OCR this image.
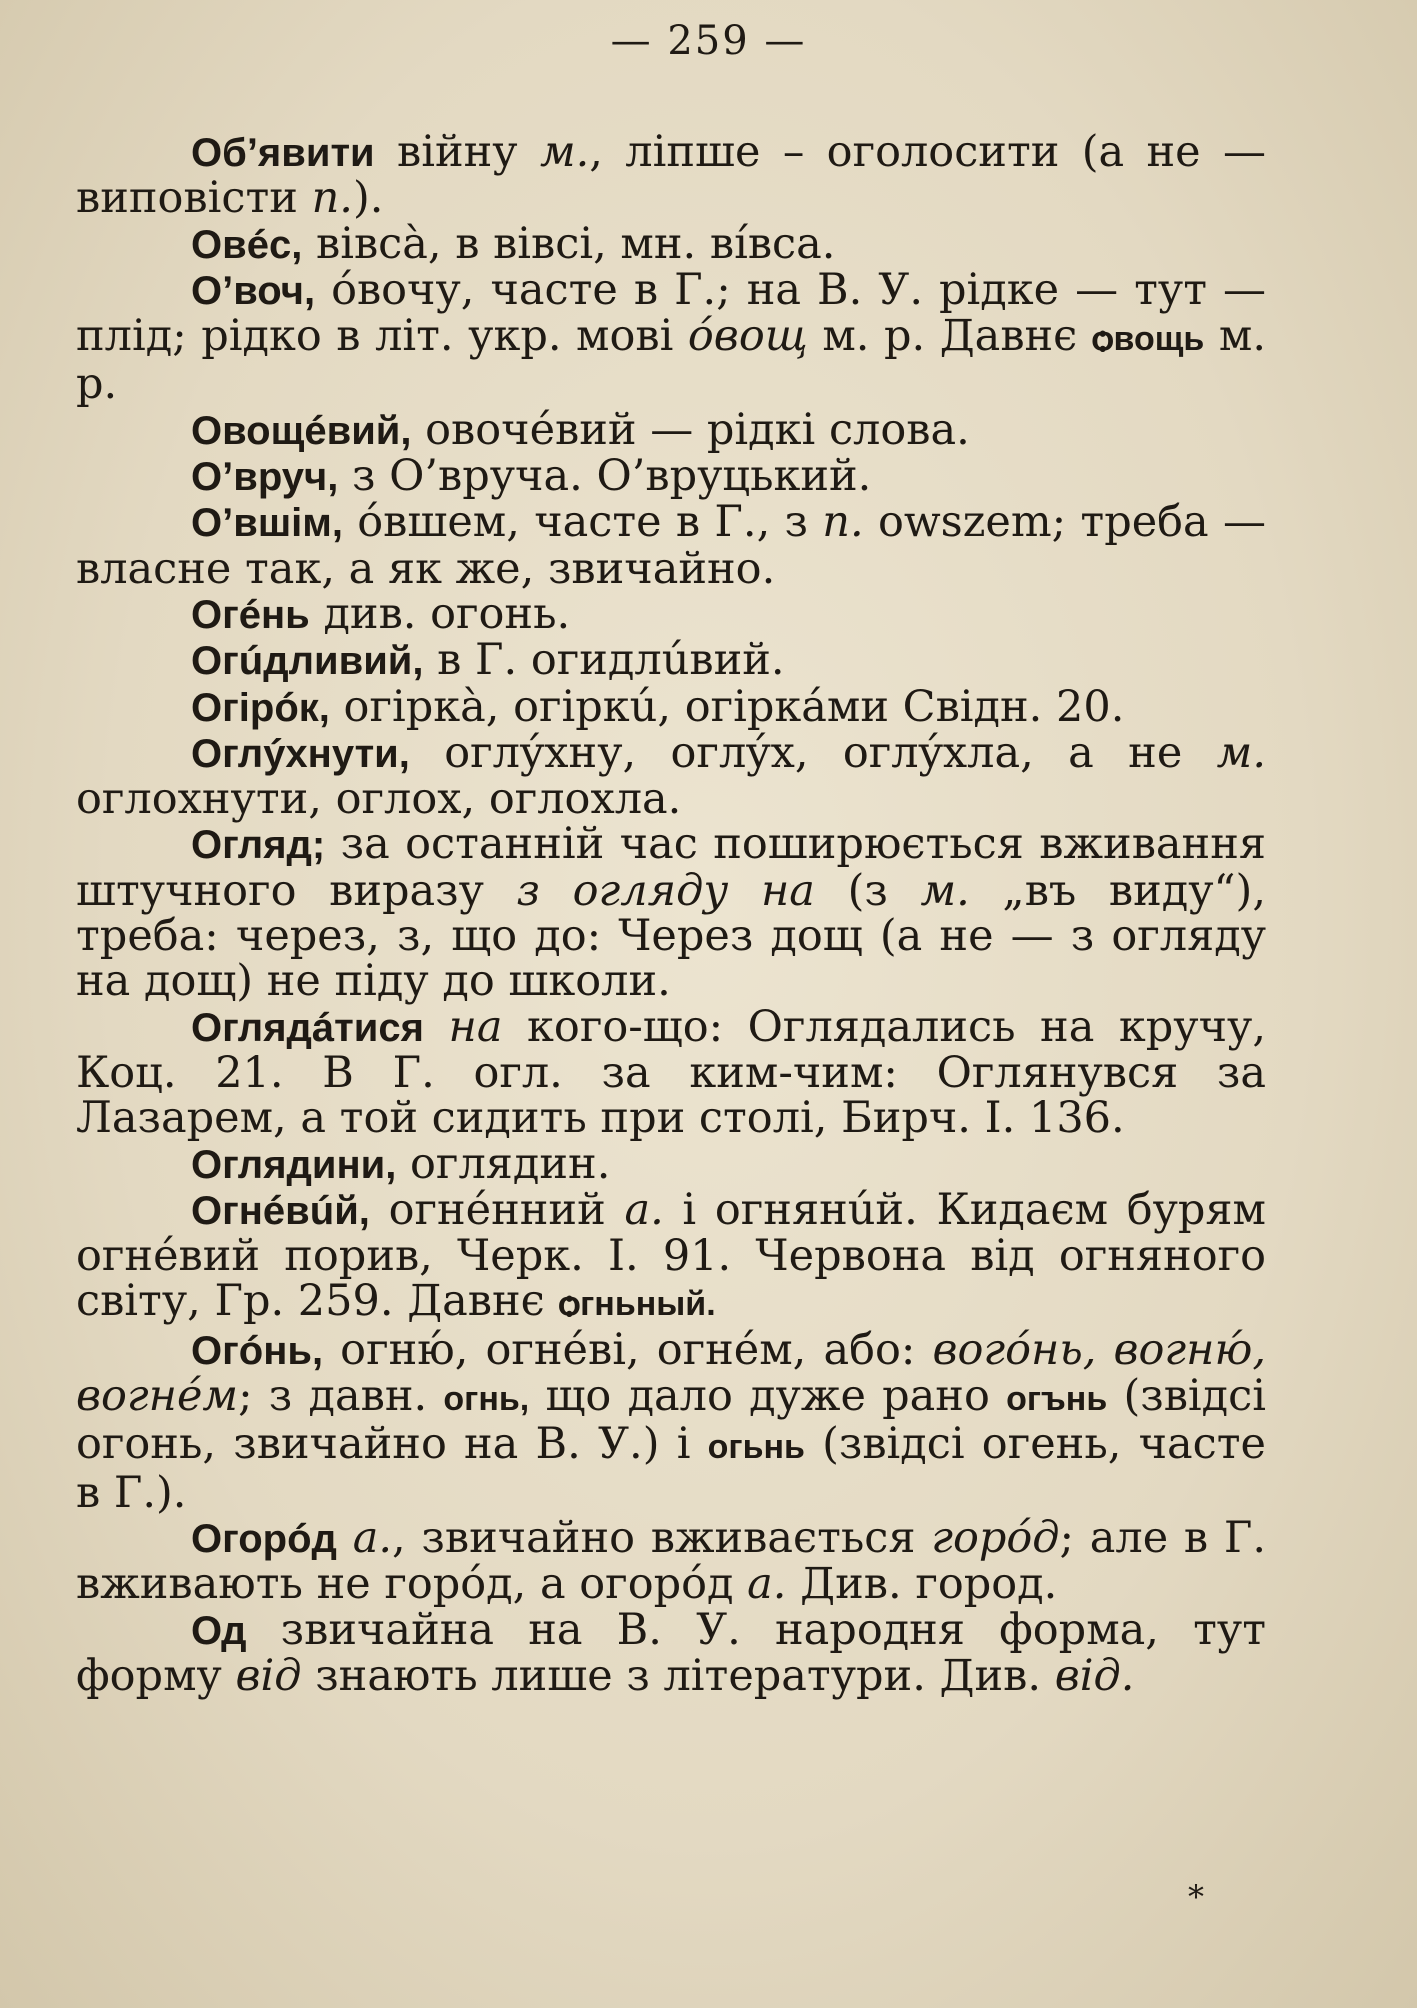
— 259 —

Об’явити війну м., ліпше – оголосити (а не — виповісти п.).

Овéс, вівсà, в вівсі, мн. вíвса.

О’воч, óвочу, часте в Г.; на В. У. рідке — тут — плід; рідко в літ. укр. мові óвощ м. р. Давнє ѻвощь м. р.

Овощéвий, овочéвий — рідкі слова.

О’вруч, з О’вруча. О’вруцький.

О’вшім, óвшем, часте в Г., з п. owszem; треба — власне так, а як же, звичайно.

Огéнь див. огонь.

Огúдливий, в Г. огидлúвий.

Огірóк, огіркà, огіркú, огіркáми Свідн. 20.

Оглýхнути, оглýхну, оглýх, оглýхла, а не м. оглохнути, оглох, оглохла.

Огляд; за останній час поширюється вживання штучного виразу з огляду на (з м. „въ виду“), треба: через, з, що до: Через дощ (а не — з огляду на дощ) не піду до школи.

Оглядáтися на кого-що: Оглядались на кручу, Коц. 21. В Г. огл. за ким-чим: Оглянувся за Лазарем, а той сидить при столі, Бирч. І. 136.

Оглядини, оглядин.

Огнéвúй, огнéнний а. і огнянúй. Кидаєм бурям огнéвий порив, Черк. І. 91. Червона від огняного світу, Гр. 259. Давнє ѻгньный.

Огóнь, огню́, огнéві, огнéм, або: вогóнь, вогню́, вогнéм; з давн. огнь, що дало дуже рано огънь (звідсі огонь, звичайно на В. У.) і огьнь (звідсі огень, часте в Г.).

Огорóд а., звичайно вживається горóд; але в Г. вживають не горóд, а огорóд а. Див. город.

Од звичайна на В. У. народня форма, тут форму від знають лише з літератури. Див. від.

*
